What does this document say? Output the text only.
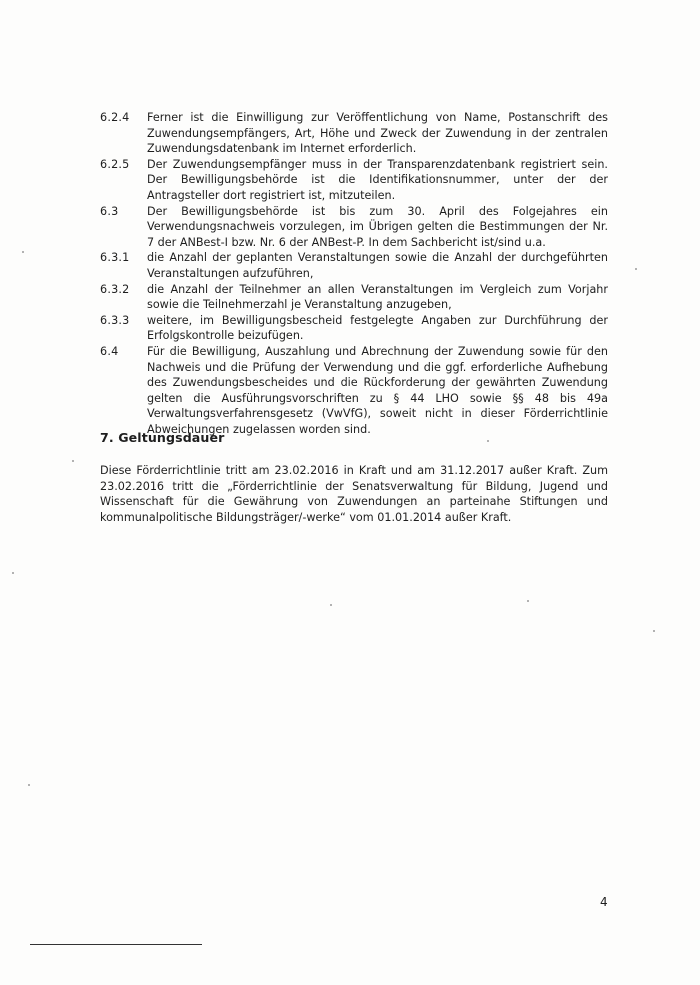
6.2.4	Ferner ist die Einwilligung zur Veröffentlichung von Name, Postanschrift des Zuwendungsempfängers, Art, Höhe und Zweck der Zuwendung in der zentralen Zuwendungsdatenbank im Internet erforderlich.
6.2.5	Der Zuwendungsempfänger muss in der Transparenzdatenbank registriert sein. Der Bewilligungsbehörde ist die Identifikationsnummer, unter der der Antragsteller dort registriert ist, mitzuteilen.
6.3	Der Bewilligungsbehörde ist bis zum 30. April des Folgejahres ein Verwendungsnachweis vorzulegen, im Übrigen gelten die Bestimmungen der Nr. 7 der ANBest-I bzw. Nr. 6 der ANBest-P. In dem Sachbericht ist/sind u.a.
6.3.1	die Anzahl der geplanten Veranstaltungen sowie die Anzahl der durchgeführten Veranstaltungen aufzuführen,
6.3.2	die Anzahl der Teilnehmer an allen Veranstaltungen im Vergleich zum Vorjahr sowie die Teilnehmerzahl je Veranstaltung anzugeben,
6.3.3	weitere, im Bewilligungsbescheid festgelegte Angaben zur Durchführung der Erfolgskontrolle beizufügen.
6.4	Für die Bewilligung, Auszahlung und Abrechnung der Zuwendung sowie für den Nachweis und die Prüfung der Verwendung und die ggf. erforderliche Aufhebung des Zuwendungsbescheides und die Rückforderung der gewährten Zuwendung gelten die Ausführungsvorschriften zu § 44 LHO sowie §§ 48 bis 49a Verwaltungsverfahrensgesetz (VwVfG), soweit nicht in dieser Förderrichtlinie Abweichungen zugelassen worden sind.
7. Geltungsdauer
Diese Förderrichtlinie tritt am 23.02.2016 in Kraft und am 31.12.2017 außer Kraft. Zum 23.02.2016 tritt die „Förderrichtlinie der Senatsverwaltung für Bildung, Jugend und Wissenschaft für die Gewährung von Zuwendungen an parteinahe Stiftungen und kommunalpolitische Bildungsträger/-werke“ vom 01.01.2014 außer Kraft.
4
